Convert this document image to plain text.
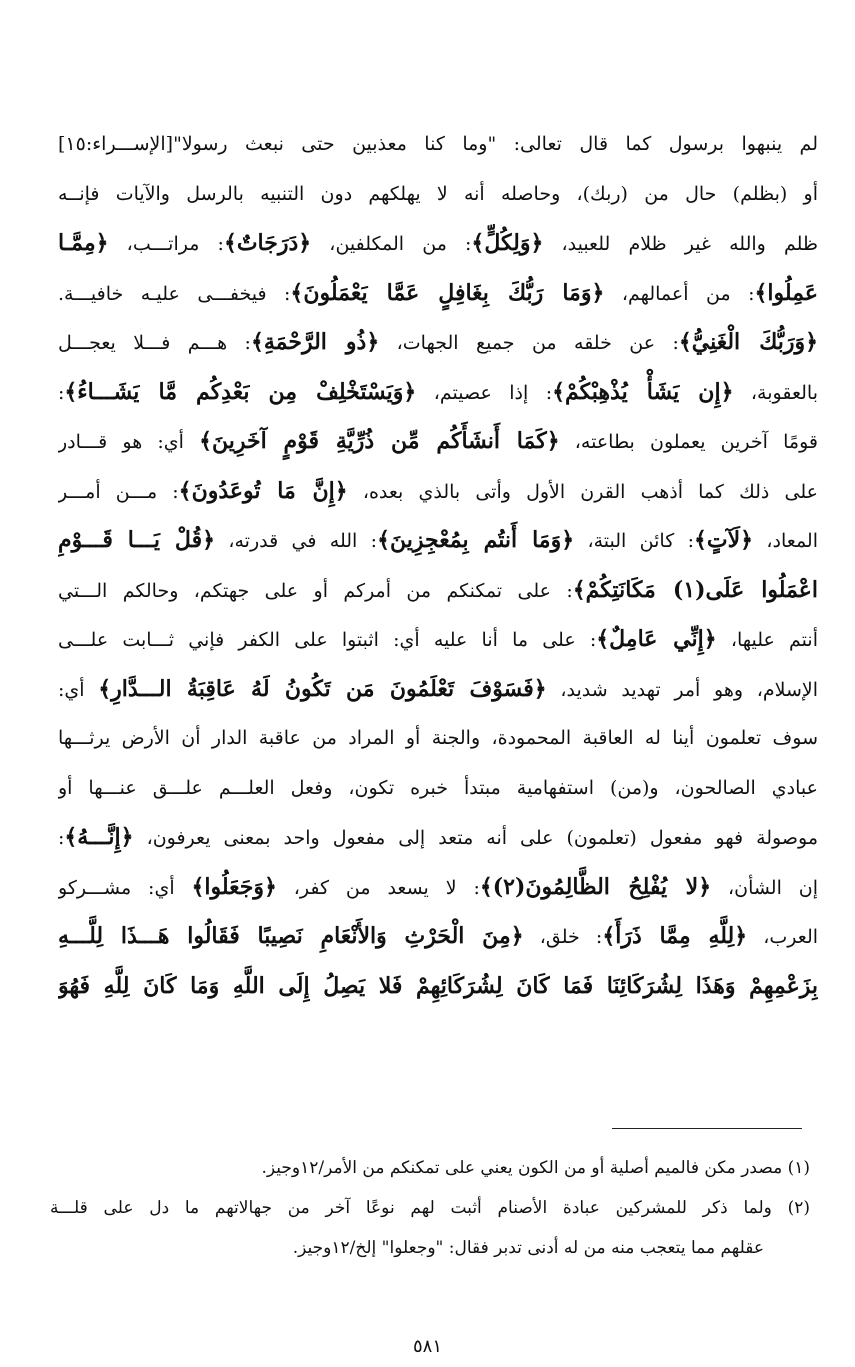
لم ينبهوا برسول كما قال تعالى: "وما كنا معذبين حتى نبعث رسولا"[الإســـراء:١٥]
أو (بظلم) حال من (ربك)، وحاصله أنه لا يهلكهم دون التنبيه بالرسل والآيات فإنــه
ظلم والله غير ظلام للعبيد، ﴿وَلِكُلٍّ﴾: من المكلفين، ﴿دَرَجَاتٌ﴾: مراتـــب، ﴿مِمَّـا
عَمِلُوا﴾: من أعمالهم، ﴿وَمَا رَبُّكَ بِغَافِلٍ عَمَّا يَعْمَلُونَ﴾: فيخفـــى عليـه خافيـــة.
﴿وَرَبُّكَ الْغَنِيُّ﴾: عن خلقه من جميع الجهات، ﴿ذُو الرَّحْمَةِ﴾: هـــم فـــلا يعجـــل
بالعقوبة، ﴿إِن يَشَأْ يُذْهِبْكُمْ﴾: إذا عصيتم، ﴿وَيَسْتَخْلِفْ مِن بَعْدِكُم مَّا يَشَـــاءُ﴾:
قومًا آخرين يعملون بطاعته، ﴿كَمَا أَنشَأَكُم مِّن ذُرِّيَّةِ قَوْمٍ آخَرِينَ﴾ أي: هو قـــادر
على ذلك كما أذهب القرن الأول وأتى بالذي بعده، ﴿إِنَّ مَا تُوعَدُونَ﴾: مـــن أمـــر
المعاد، ﴿لَآتٍ﴾: كائن البتة، ﴿وَمَا أَنتُم بِمُعْجِزِينَ﴾: الله في قدرته، ﴿قُلْ يَـــا قَـــوْمِ
اعْمَلُوا عَلَى(١) مَكَانَتِكُمْ﴾: على تمكنكم من أمركم أو على جهتكم، وحالكم الـــتي
أنتم عليها، ﴿إِنِّي عَامِلٌ﴾: على ما أنا عليه أي: اثبتوا على الكفر فإني ثـــابت علـــى
الإسلام، وهو أمر تهديد شديد، ﴿فَسَوْفَ تَعْلَمُونَ مَن تَكُونُ لَهُ عَاقِبَةُ الـــدَّارِ﴾ أي:
سوف تعلمون أينا له العاقبة المحمودة، والجنة أو المراد من عاقبة الدار أن الأرض يرثـــها
عبادي الصالحون، و(من) استفهامية مبتدأ خبره تكون، وفعل العلـــم علـــق عنـــها أو
موصولة فهو مفعول (تعلمون) على أنه متعد إلى مفعول واحد بمعنى يعرفون، ﴿إِنَّـــهُ﴾:
إن الشأن، ﴿لا يُفْلِحُ الظَّالِمُونَ(٢)﴾: لا يسعد من كفر، ﴿وَجَعَلُوا﴾ أي: مشـــركو
العرب، ﴿لِلَّهِ مِمَّا ذَرَأَ﴾: خلق، ﴿مِنَ الْحَرْثِ وَالأَنْعَامِ نَصِيبًا فَقَالُوا هَـــذَا لِلَّـــهِ
بِزَعْمِهِمْ وَهَذَا لِشُرَكَائِنَا فَمَا كَانَ لِشُرَكَائِهِمْ فَلا يَصِلُ إِلَى اللَّهِ وَمَا كَانَ لِلَّهِ فَهُوَ
(١) مصدر مكن فالميم أصلية أو من الكون يعني على تمكنكم من الأمر/١٢وجيز.
(٢) ولما ذكر للمشركين عبادة الأصنام أثبت لهم نوعًا آخر من جهالاتهم ما دل على قلـــة
عقلهم مما يتعجب منه من له أدنى تدبر فقال: "وجعلوا" إلخ/١٢وجيز.
٥٨١
